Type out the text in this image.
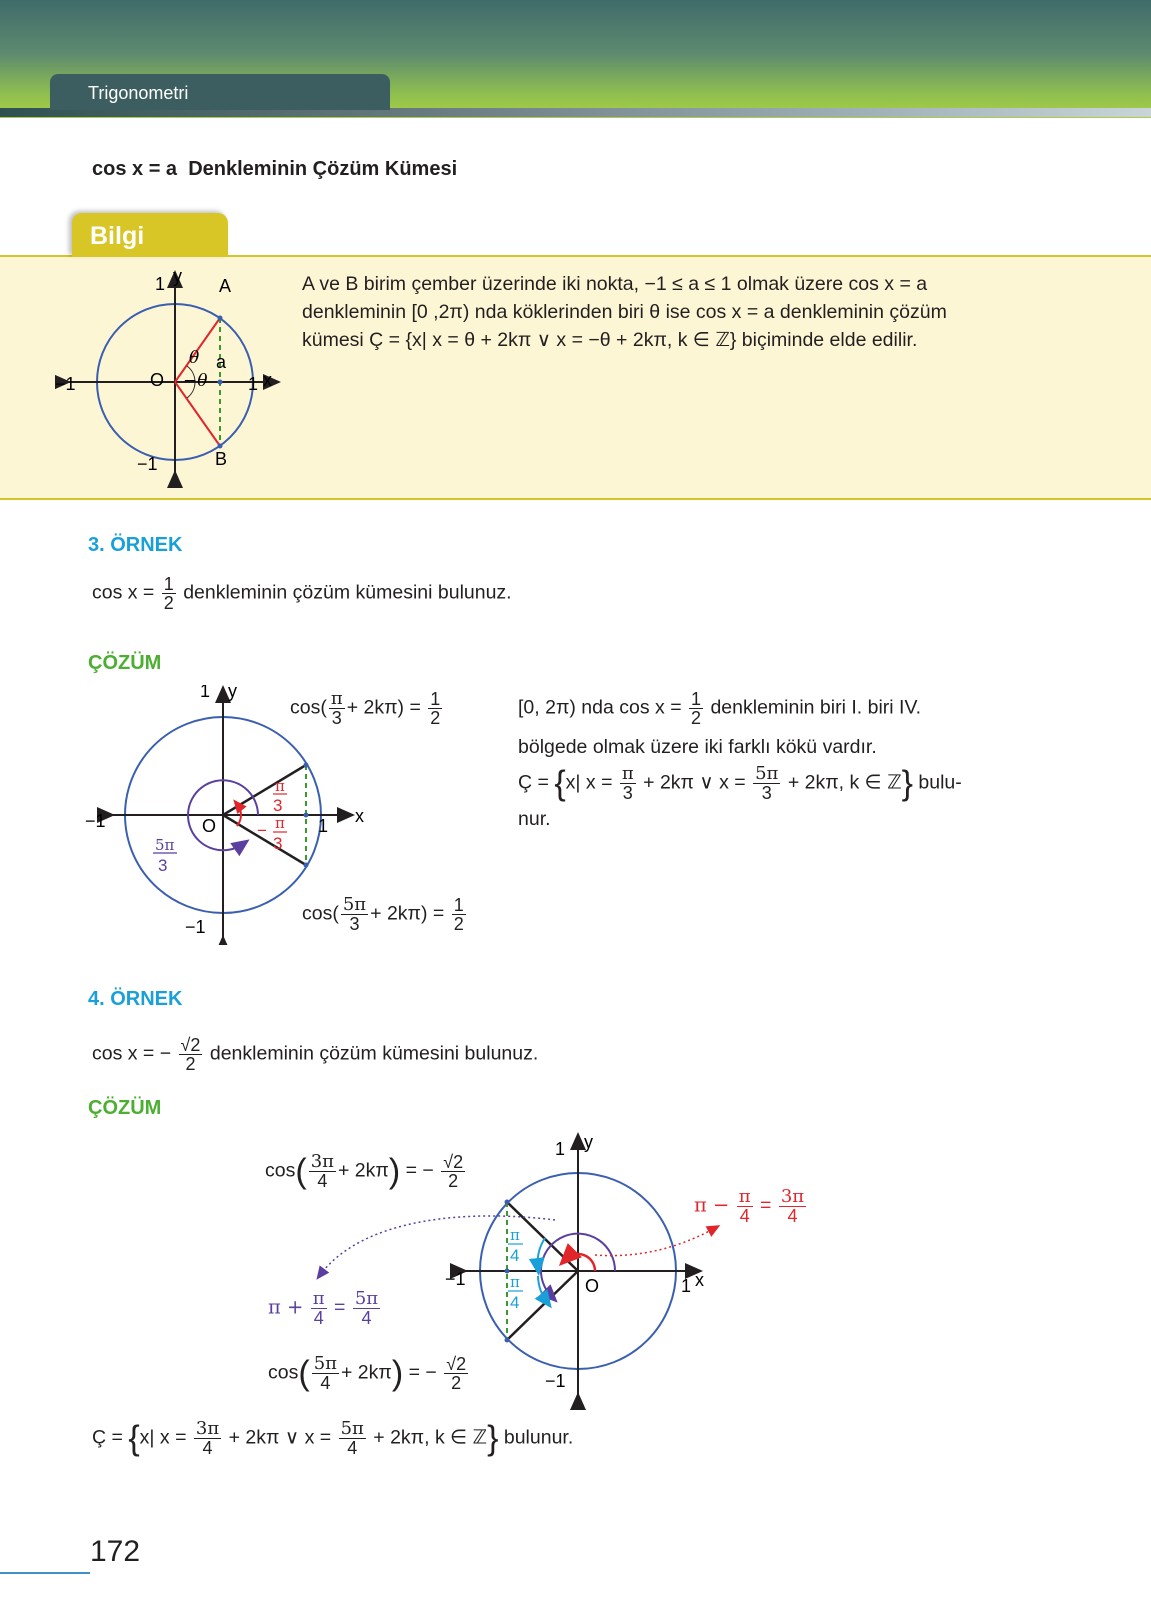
Trigonometri
cos x = a Denkleminin Çözüm Kümesi
Bilgi
1 y A
B
−1	1 x
O
a
θ
−θ
−1
A ve B birim çember üzerinde iki nokta, −1 ≤ a ≤ 1 olmak üzere cos x = a
denkleminin [0 ,2π) nda köklerinden biri θ ise cos x = a denkleminin çözüm
kümesi Ç = {x| x = θ + 2kπ ∨ x = −θ + 2kπ, k ∈ ℤ} biçiminde elde edilir.
3. ÖRNEK
$\cos x = \frac{1}{2}$ denkleminin çözüm kümesini bulunuz.
ÇÖZÜM
1 y
−1	1 x
O
−1
π
3
− π
3
5π
3
$\cos( \frac{\pi}{3} + 2k\pi) = \frac{1}{2}$
$\cos( \frac{5\pi}{3} + 2k\pi) = \frac{1}{2}$
[0, 2π) nda $\cos x = \frac{1}{2}$ denkleminin biri I. biri IV.
bölgede olmak üzere iki farklı kökü vardır.
Ç = {x| $x = \frac{\pi}{3} + 2k\pi$ ∨ $x = \frac{5\pi}{3} + 2k\pi$, k ∈ ℤ} bulu-
nur.
4. ÖRNEK
cos x = − $\frac{√2}{2}$ denkleminin çözüm kümesini bulunuz.
ÇÖZÜM
1 y
−1	1 x
O
−1
π
4
π
4
$\cos( \frac{3\pi}{4} + 2k\pi)$ = − $\frac{√2}{2}$
$\cos( \frac{5\pi}{4} + 2k\pi)$ = − $\frac{√2}{2}$
$\pi - \frac{\pi}{4} = \frac{3\pi}{4}$
$\pi + \frac{\pi}{4} = \frac{5\pi}{4}$
Ç = {x| $x = \frac{3\pi}{4} + 2k\pi$ ∨ $x = \frac{5\pi}{4} + 2k\pi$, k ∈ ℤ} bulunur.
172
